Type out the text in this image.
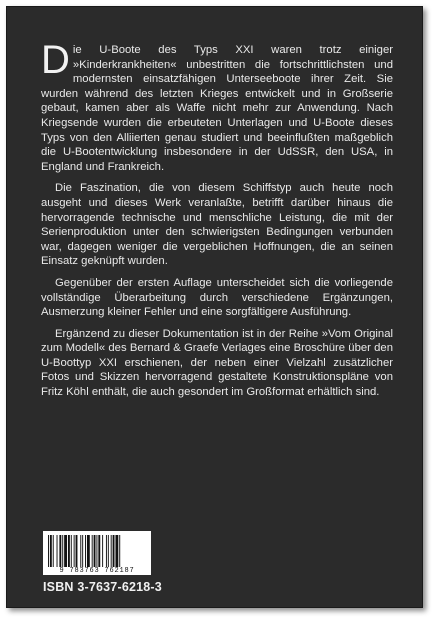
Die U-Boote des Typs XXI waren trotz einiger »Kinderkrankheiten« unbestritten die fortschrittlichsten und modernsten einsatzfähigen Unterseeboote ihrer Zeit. Sie wurden während des letzten Krieges entwickelt und in Großserie gebaut, kamen aber als Waffe nicht mehr zur Anwendung. Nach Kriegsende wurden die erbeuteten Unterlagen und U-Boote dieses Typs von den Alliierten genau studiert und beeinflußten maßgeblich die U-Bootentwicklung insbesondere in der UdSSR, den USA, in England und Frankreich.

Die Faszination, die von diesem Schiffstyp auch heute noch ausgeht und dieses Werk veranlaßte, betrifft darüber hinaus die hervorragende technische und menschliche Leistung, die mit der Serienproduktion unter den schwierigsten Bedingungen verbunden war, dagegen weniger die vergeblichen Hoffnungen, die an seinen Einsatz geknüpft wurden.

Gegenüber der ersten Auflage unterscheidet sich die vorliegende vollständige Überarbeitung durch verschiedene Ergänzungen, Ausmerzung kleiner Fehler und eine sorgfältigere Ausführung.

Ergänzend zu dieser Dokumentation ist in der Reihe »Vom Original zum Modell« des Bernard & Graefe Verlages eine Broschüre über den U-Boottyp XXI erschienen, der neben einer Vielzahl zusätzlicher Fotos und Skizzen hervorragend gestaltete Konstruktionspläne von Fritz Köhl enthält, die auch gesondert im Großformat erhältlich sind.

9 783763 762187
ISBN 3-7637-6218-3
